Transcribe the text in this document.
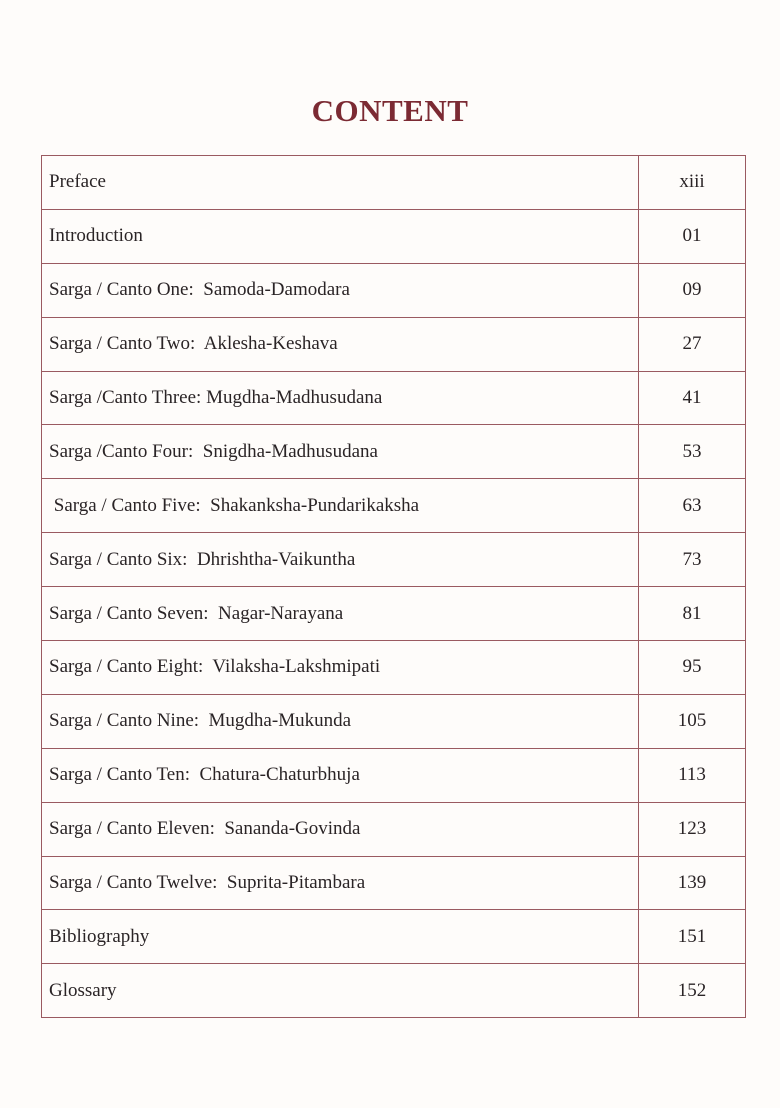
CONTENT
Preface	xiii
Introduction	01
Sarga / Canto One:  Samoda-Damodara	09
Sarga / Canto Two:  Aklesha-Keshava	27
Sarga /Canto Three: Mugdha-Madhusudana	41
Sarga /Canto Four:  Snigdha-Madhusudana	53
Sarga / Canto Five:  Shakanksha-Pundarikaksha	63
Sarga / Canto Six:  Dhrishtha-Vaikuntha	73
Sarga / Canto Seven:  Nagar-Narayana	81
Sarga / Canto Eight:  Vilaksha-Lakshmipati	95
Sarga / Canto Nine:  Mugdha-Mukunda	105
Sarga / Canto Ten:  Chatura-Chaturbhuja	113
Sarga / Canto Eleven:  Sananda-Govinda	123
Sarga / Canto Twelve:  Suprita-Pitambara	139
Bibliography	151
Glossary	152
